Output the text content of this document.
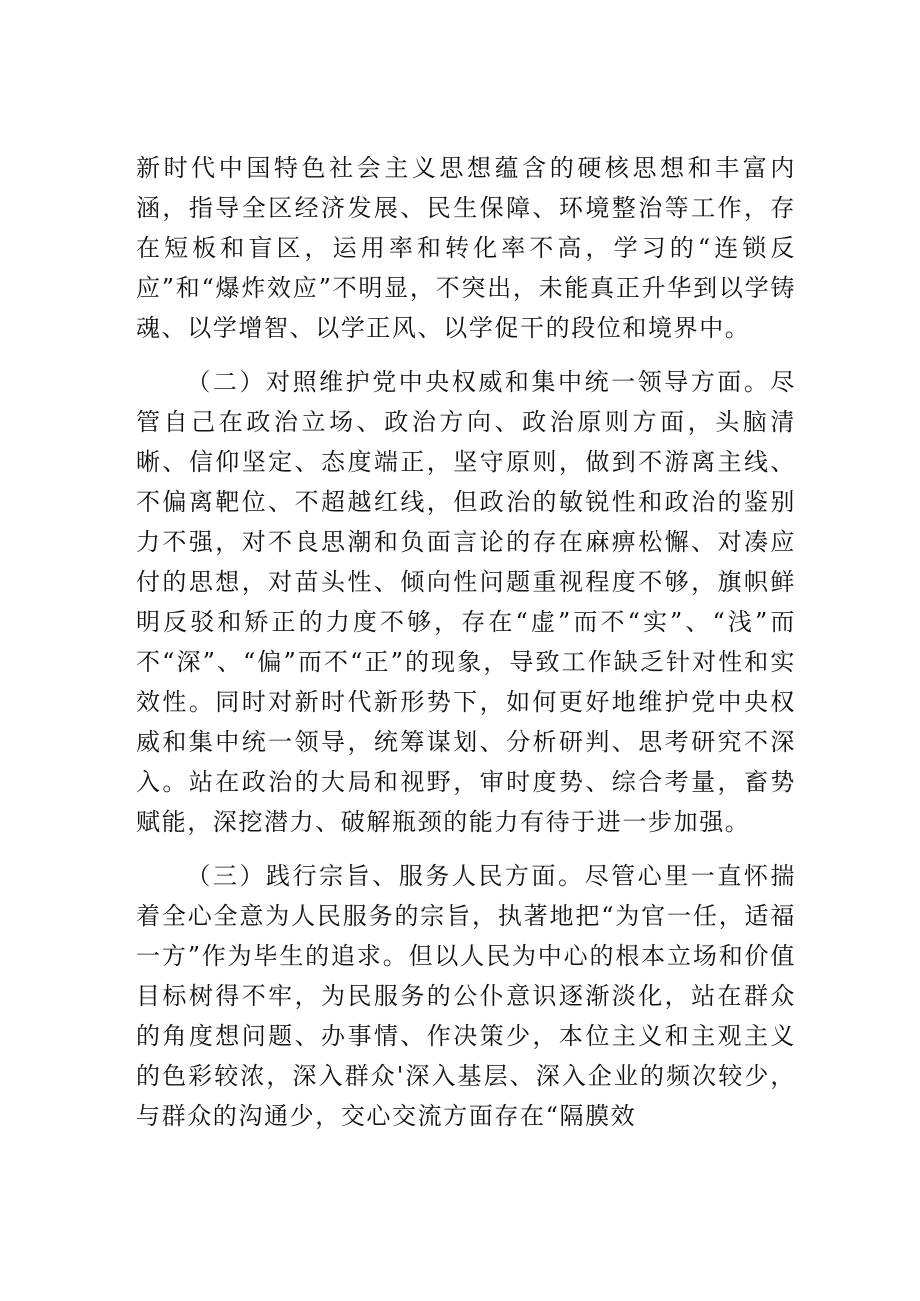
新时代中国特色社会主义思想蕴含的硬核思想和丰富内涵，指导全区经济发展、民生保障、环境整治等工作，存在短板和盲区，运用率和转化率不高，学习的“连锁反应”和“爆炸效应”不明显，不突出，未能真正升华到以学铸魂、以学增智、以学正风、以学促干的段位和境界中。

（二）对照维护党中央权威和集中统一领导方面。尽管自己在政治立场、政治方向、政治原则方面，头脑清晰、信仰坚定、态度端正，坚守原则，做到不游离主线、不偏离靶位、不超越红线，但政治的敏锐性和政治的鉴别力不强，对不良思潮和负面言论的存在麻痹松懈、对凑应付的思想，对苗头性、倾向性问题重视程度不够，旗帜鲜明反驳和矫正的力度不够，存在“虚”而不“实”、“浅”而不“深”、“偏”而不“正”的现象，导致工作缺乏针对性和实效性。同时对新时代新形势下，如何更好地维护党中央权威和集中统一领导，统筹谋划、分析研判、思考研究不深入。站在政治的大局和视野，审时度势、综合考量，畜势赋能，深挖潜力、破解瓶颈的能力有待于进一步加强。

（三）践行宗旨、服务人民方面。尽管心里一直怀揣着全心全意为人民服务的宗旨，执著地把“为官一任，适福一方”作为毕生的追求。但以人民为中心的根本立场和价值目标树得不牢，为民服务的公仆意识逐渐淡化，站在群众的角度想问题、办事情、作决策少，本位主义和主观主义的色彩较浓，深入群众'深入基层、深入企业的频次较少，与群众的沟通少，交心交流方面存在“隔膜效
